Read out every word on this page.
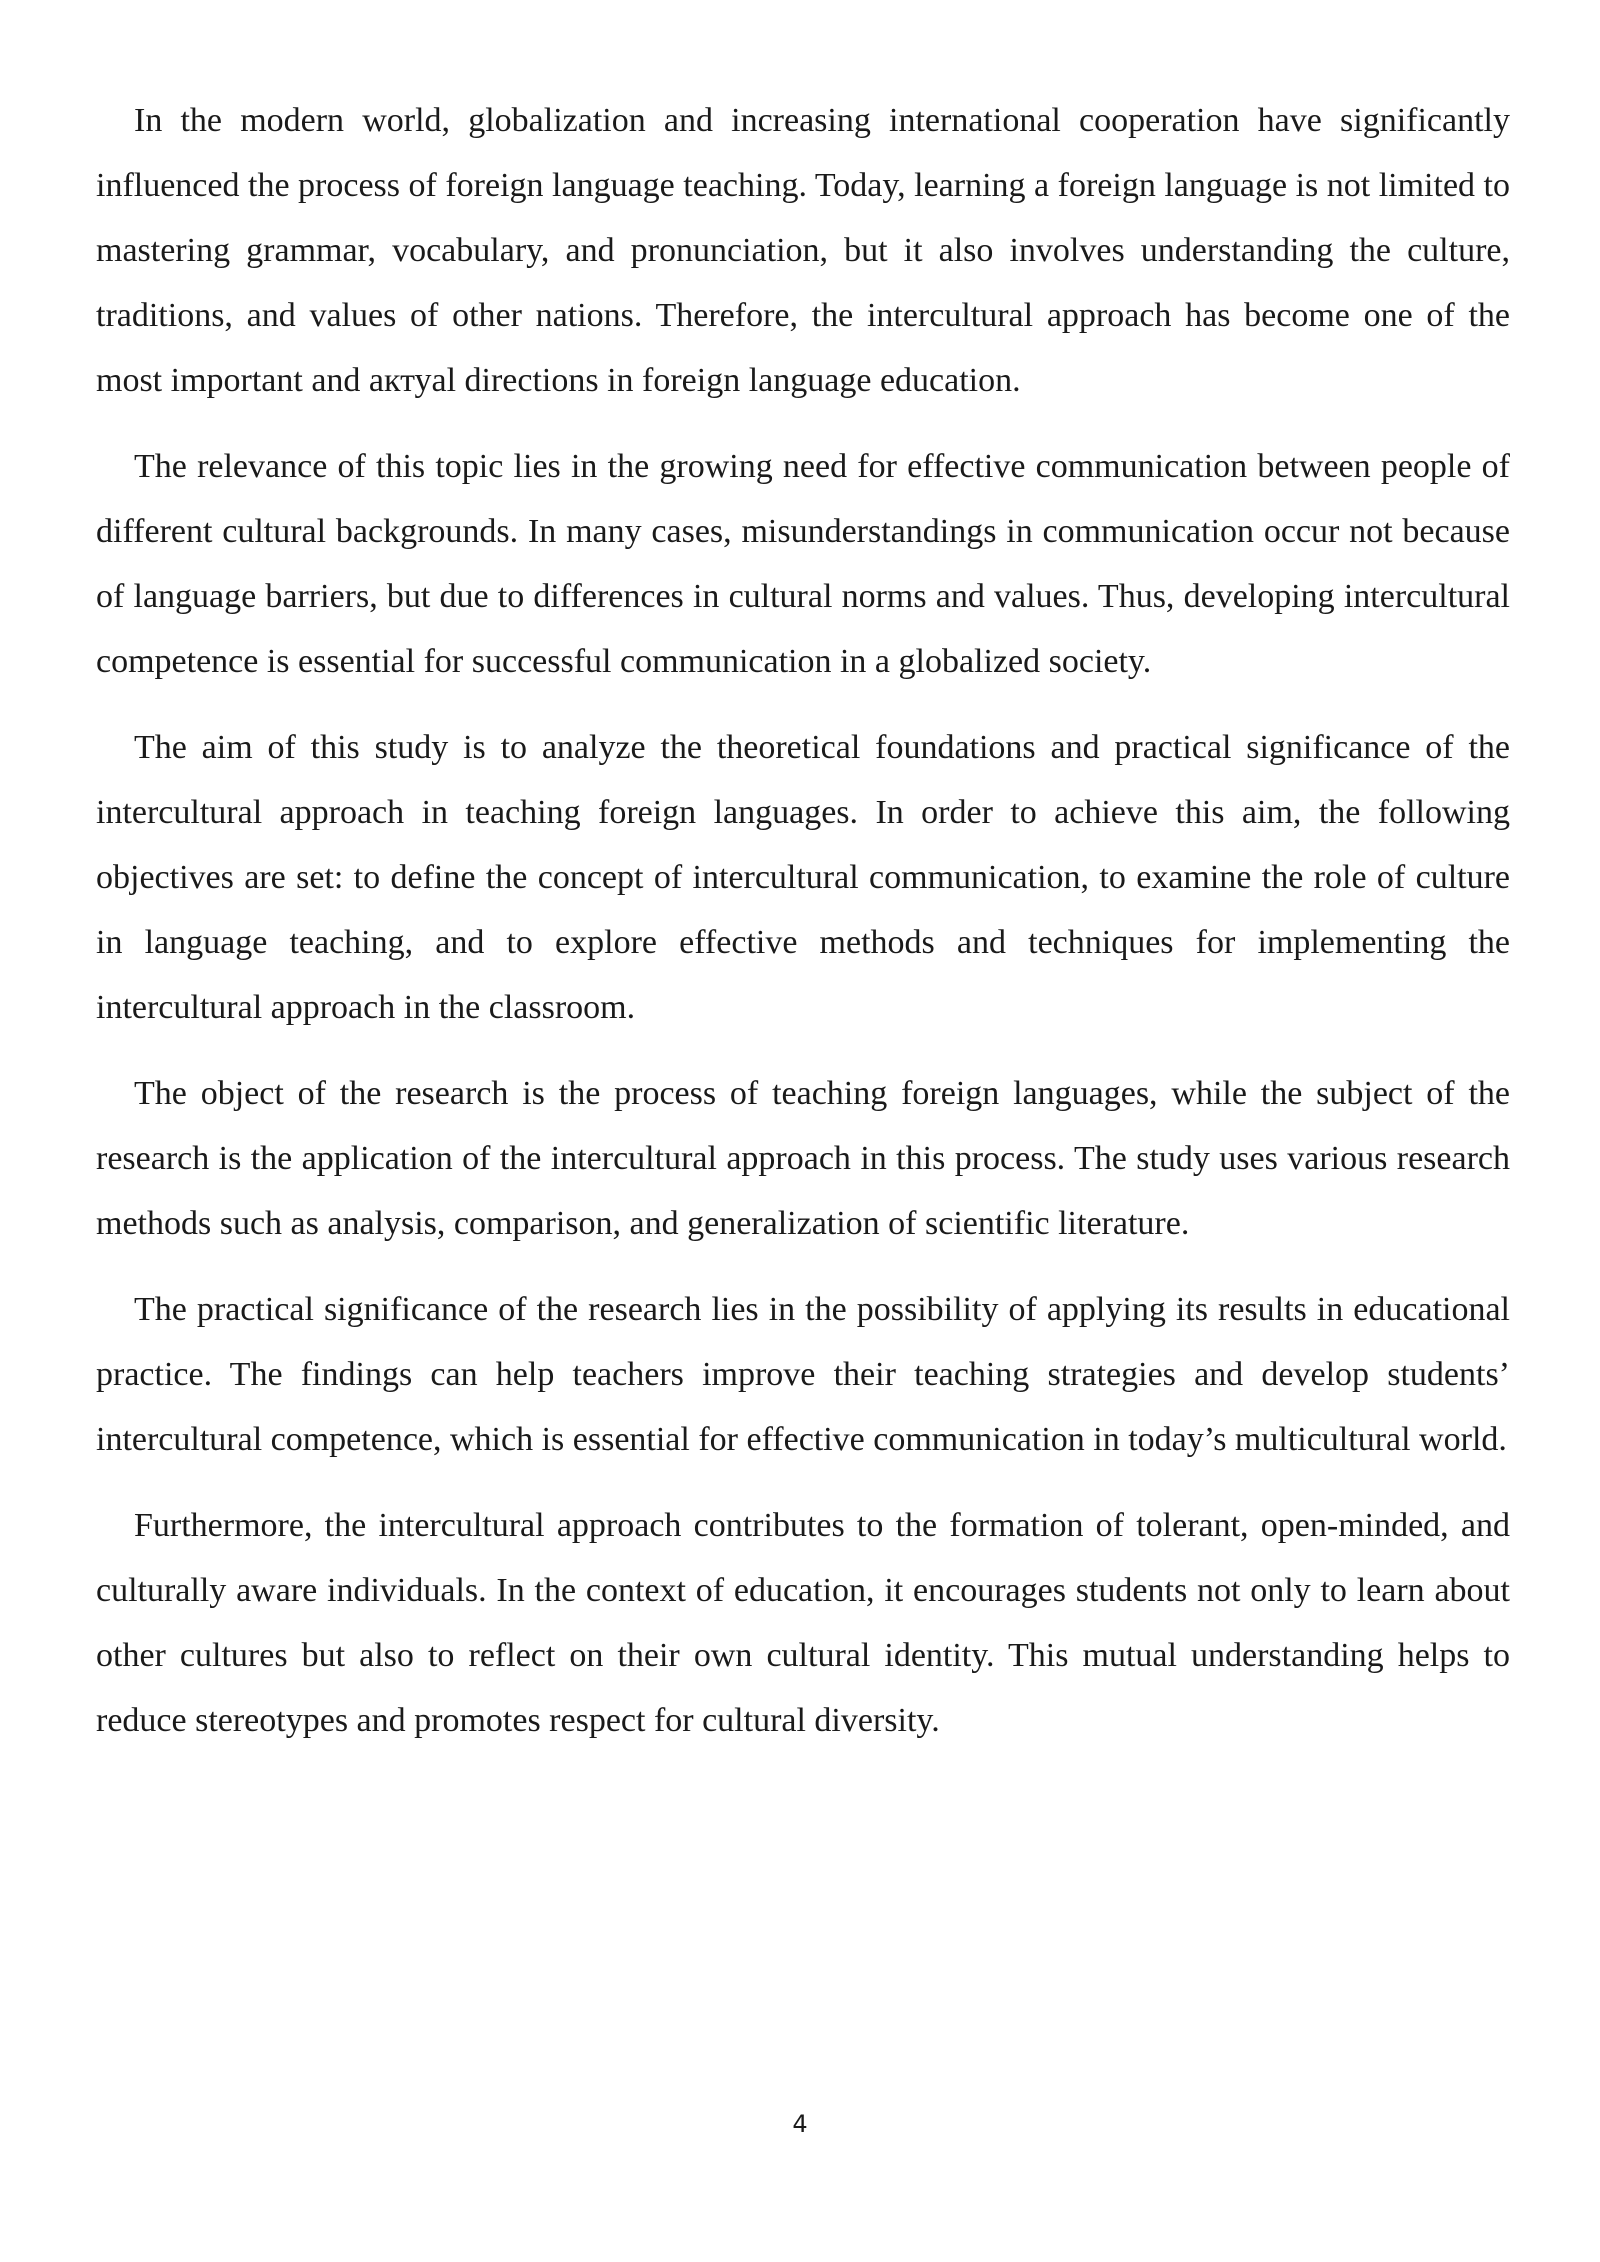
In the modern world, globalization and increasing international cooperation have significantly influenced the process of foreign language teaching. Today, learning a foreign language is not limited to mastering grammar, vocabulary, and pronunciation, but it also involves understanding the culture, traditions, and values of other nations. Therefore, the intercultural approach has become one of the most important and актуal directions in foreign language education.

The relevance of this topic lies in the growing need for effective communication between people of different cultural backgrounds. In many cases, misunderstandings in communication occur not because of language barriers, but due to differences in cultural norms and values. Thus, developing intercultural competence is essential for successful communication in a globalized society.

The aim of this study is to analyze the theoretical foundations and practical significance of the intercultural approach in teaching foreign languages. In order to achieve this aim, the following objectives are set: to define the concept of intercultural communication, to examine the role of culture in language teaching, and to explore effective methods and techniques for implementing the intercultural approach in the classroom.

The object of the research is the process of teaching foreign languages, while the subject of the research is the application of the intercultural approach in this process. The study uses various research methods such as analysis, comparison, and generalization of scientific literature.

The practical significance of the research lies in the possibility of applying its results in educational practice. The findings can help teachers improve their teaching strategies and develop students’ intercultural competence, which is essential for effective communication in today’s multicultural world.

Furthermore, the intercultural approach contributes to the formation of tolerant, open-minded, and culturally aware individuals. In the context of education, it encourages students not only to learn about other cultures but also to reflect on their own cultural identity. This mutual understanding helps to reduce stereotypes and promotes respect for cultural diversity.

4
